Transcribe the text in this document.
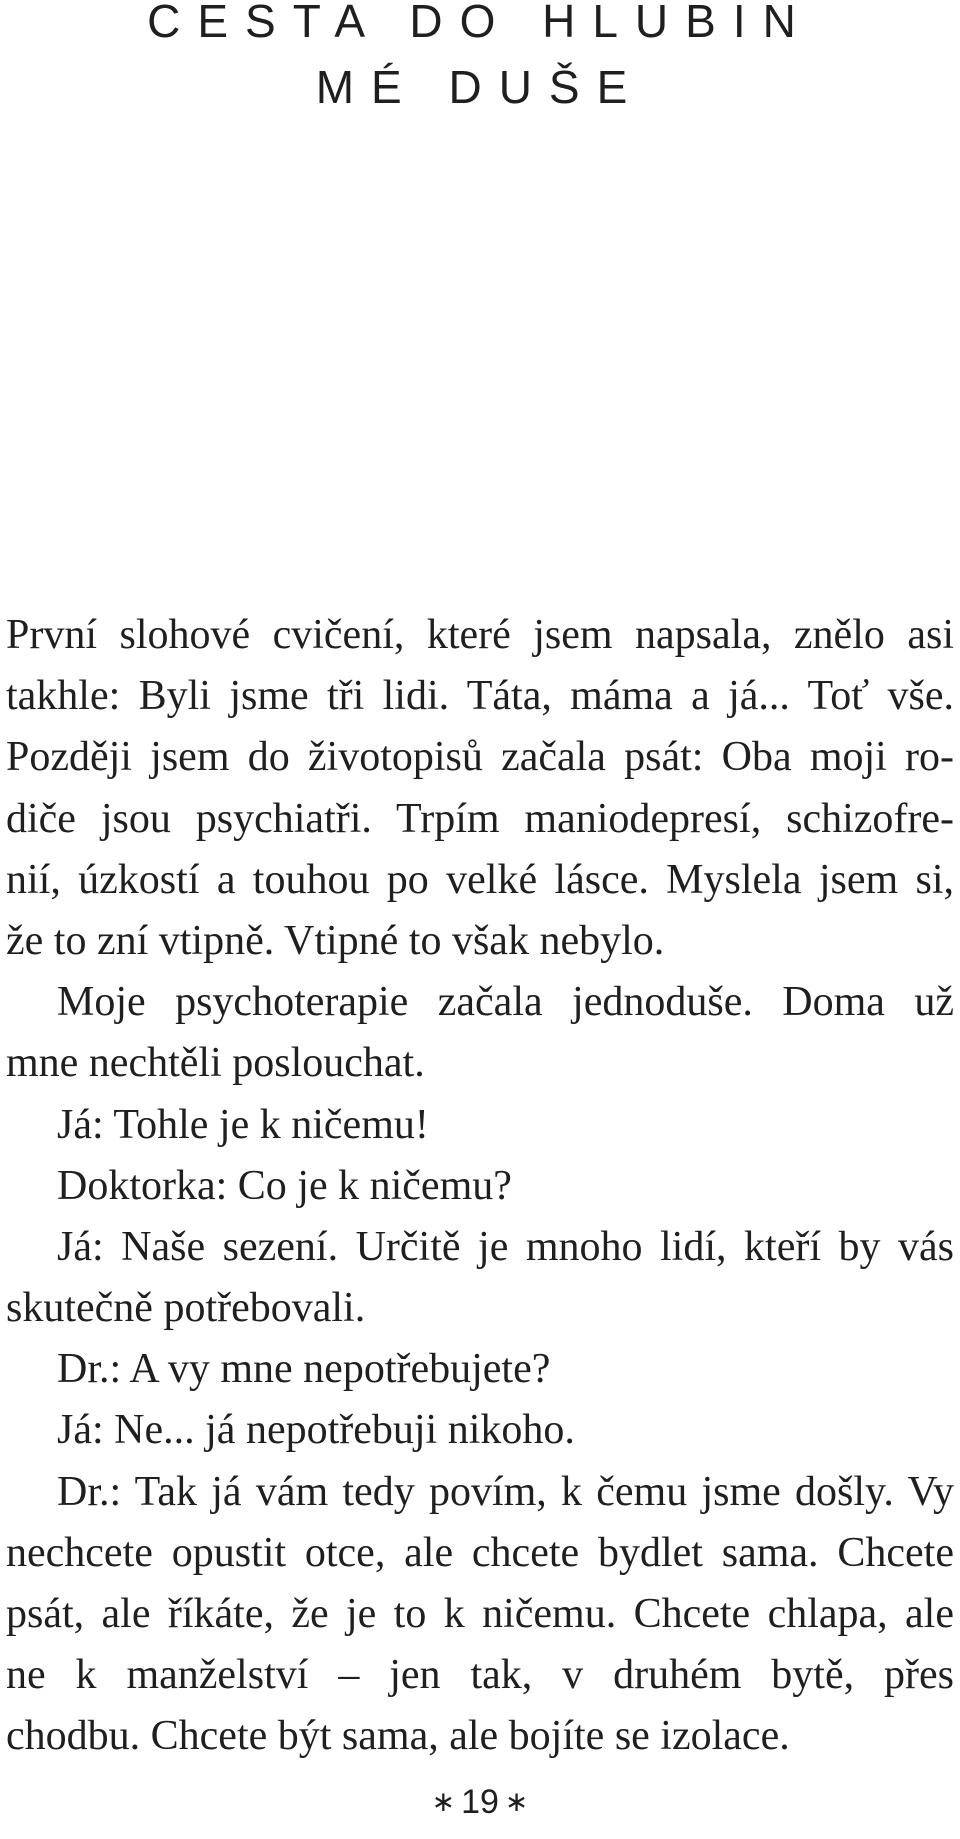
CESTA DO HLUBIN
MÉ DUŠE
První slohové cvičení, které jsem napsala, znělo asi
takhle: Byli jsme tři lidi. Táta, máma a já... Toť vše.
Později jsem do životopisů začala psát: Oba moji ro-
diče jsou psychiatři. Trpím maniodepresí, schizofre-
nií, úzkostí a touhou po velké lásce. Myslela jsem si,
že to zní vtipně. Vtipné to však nebylo.
Moje psychoterapie začala jednoduše. Doma už
mne nechtěli poslouchat.
Já: Tohle je k ničemu!
Doktorka: Co je k ničemu?
Já: Naše sezení. Určitě je mnoho lidí, kteří by vás
skutečně potřebovali.
Dr.: A vy mne nepotřebujete?
Já: Ne... já nepotřebuji nikoho.
Dr.: Tak já vám tedy povím, k čemu jsme došly. Vy
nechcete opustit otce, ale chcete bydlet sama. Chcete
psát, ale říkáte, že je to k ničemu. Chcete chlapa, ale
ne k manželství – jen tak, v druhém bytě, přes
chodbu. Chcete být sama, ale bojíte se izolace.
∗ 19 ∗
